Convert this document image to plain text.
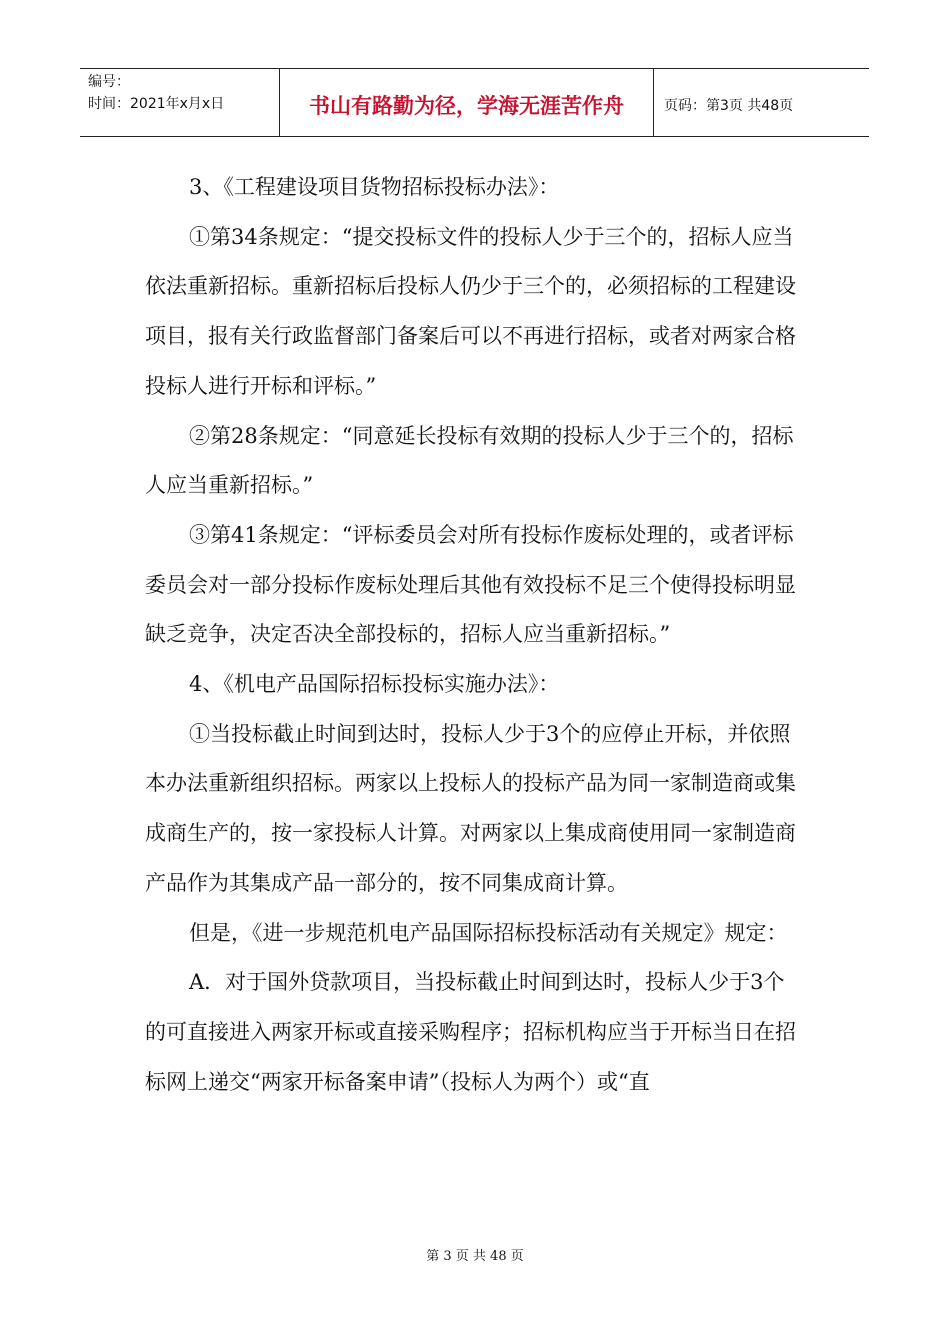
编号：
时间：2021年x月x日	书山有路勤为径，学海无涯苦作舟	页码：第3页 共48页

3、《工程建设项目货物招标投标办法》：

①第34条规定：“提交投标文件的投标人少于三个的，招标人应当依法重新招标。重新招标后投标人仍少于三个的，必须招标的工程建设项目，报有关行政监督部门备案后可以不再进行招标，或者对两家合格投标人进行开标和评标。”

②第28条规定：“同意延长投标有效期的投标人少于三个的，招标人应当重新招标。”

③第41条规定：“评标委员会对所有投标作废标处理的，或者评标委员会对一部分投标作废标处理后其他有效投标不足三个使得投标明显缺乏竞争，决定否决全部投标的，招标人应当重新招标。”

4、《机电产品国际招标投标实施办法》：

①当投标截止时间到达时，投标人少于3个的应停止开标，并依照本办法重新组织招标。两家以上投标人的投标产品为同一家制造商或集成商生产的，按一家投标人计算。对两家以上集成商使用同一家制造商产品作为其集成产品一部分的，按不同集成商计算。

但是，《进一步规范机电产品国际招标投标活动有关规定》规定：

A．对于国外贷款项目，当投标截止时间到达时，投标人少于3个的可直接进入两家开标或直接采购程序；招标机构应当于开标当日在招标网上递交“两家开标备案申请”（投标人为两个）或“直

第 3 页 共 48 页
